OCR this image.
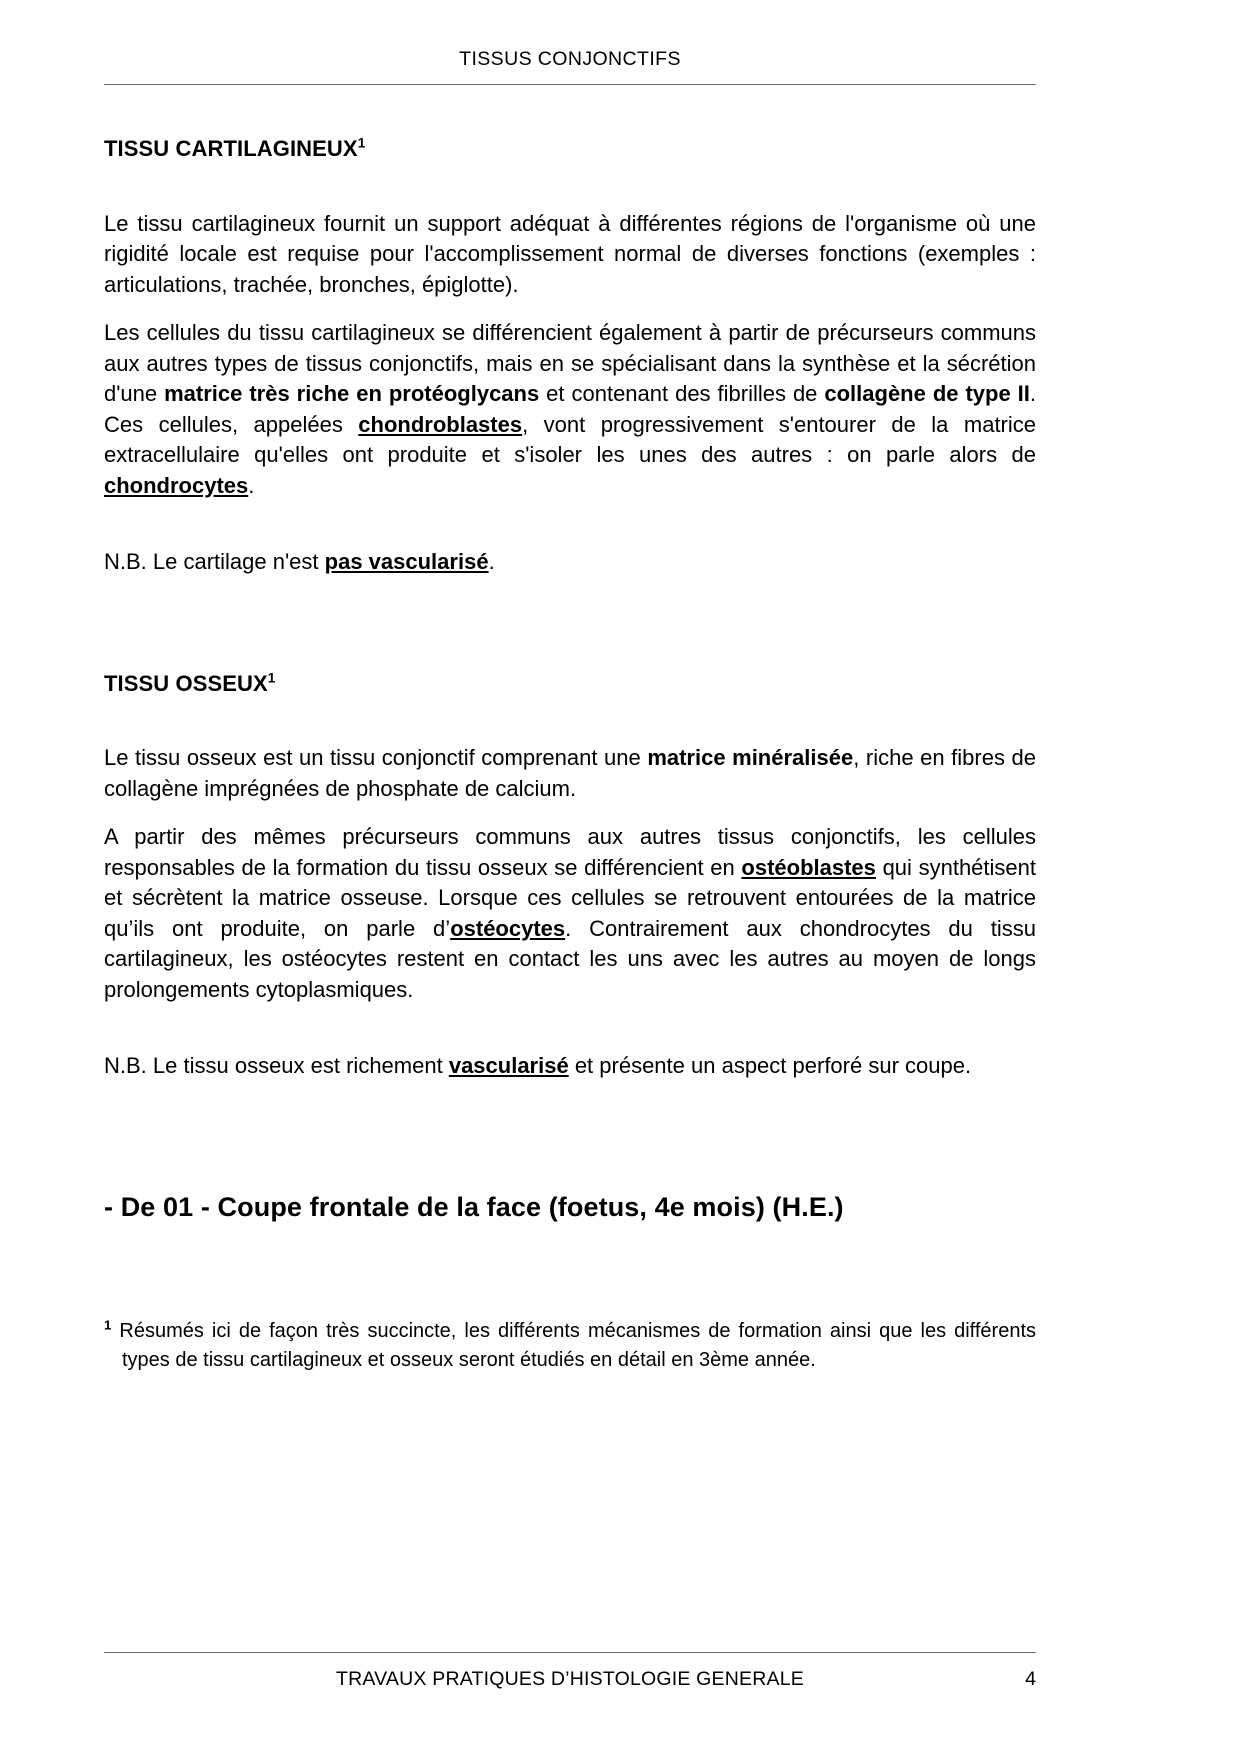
TISSUS CONJONCTIFS
TISSU CARTILAGINEUX$^1$

Le tissu cartilagineux fournit un support adéquat à différentes régions de l'organisme où une rigidité locale est requise pour l'accomplissement normal de diverses fonctions (exemples : articulations, trachée, bronches, épiglotte).

Les cellules du tissu cartilagineux se différencient également à partir de précurseurs communs aux autres types de tissus conjonctifs, mais en se spécialisant dans la synthèse et la sécrétion d'une matrice très riche en protéoglycans et contenant des fibrilles de collagène de type II. Ces cellules, appelées chondroblastes, vont progressivement s'entourer de la matrice extracellulaire qu'elles ont produite et s'isoler les unes des autres : on parle alors de chondrocytes.

N.B. Le cartilage n'est pas vascularisé.

TISSU OSSEUX$^1$

Le tissu osseux est un tissu conjonctif comprenant une matrice minéralisée, riche en fibres de collagène imprégnées de phosphate de calcium.

A partir des mêmes précurseurs communs aux autres tissus conjonctifs, les cellules responsables de la formation du tissu osseux se différencient en ostéoblastes qui synthétisent et sécrètent la matrice osseuse. Lorsque ces cellules se retrouvent entourées de la matrice qu’ils ont produite, on parle d’ostéocytes. Contrairement aux chondrocytes du tissu cartilagineux, les ostéocytes restent en contact les uns avec les autres au moyen de longs prolongements cytoplasmiques.

N.B. Le tissu osseux est richement vascularisé et présente un aspect perforé sur coupe.

- De 01 - Coupe frontale de la face (foetus, 4e mois) (H.E.)

$^1$ Résumés ici de façon très succincte, les différents mécanismes de formation ainsi que les différents types de tissu cartilagineux et osseux seront étudiés en détail en 3ème année.

TRAVAUX PRATIQUES D’HISTOLOGIE GENERALE	4
